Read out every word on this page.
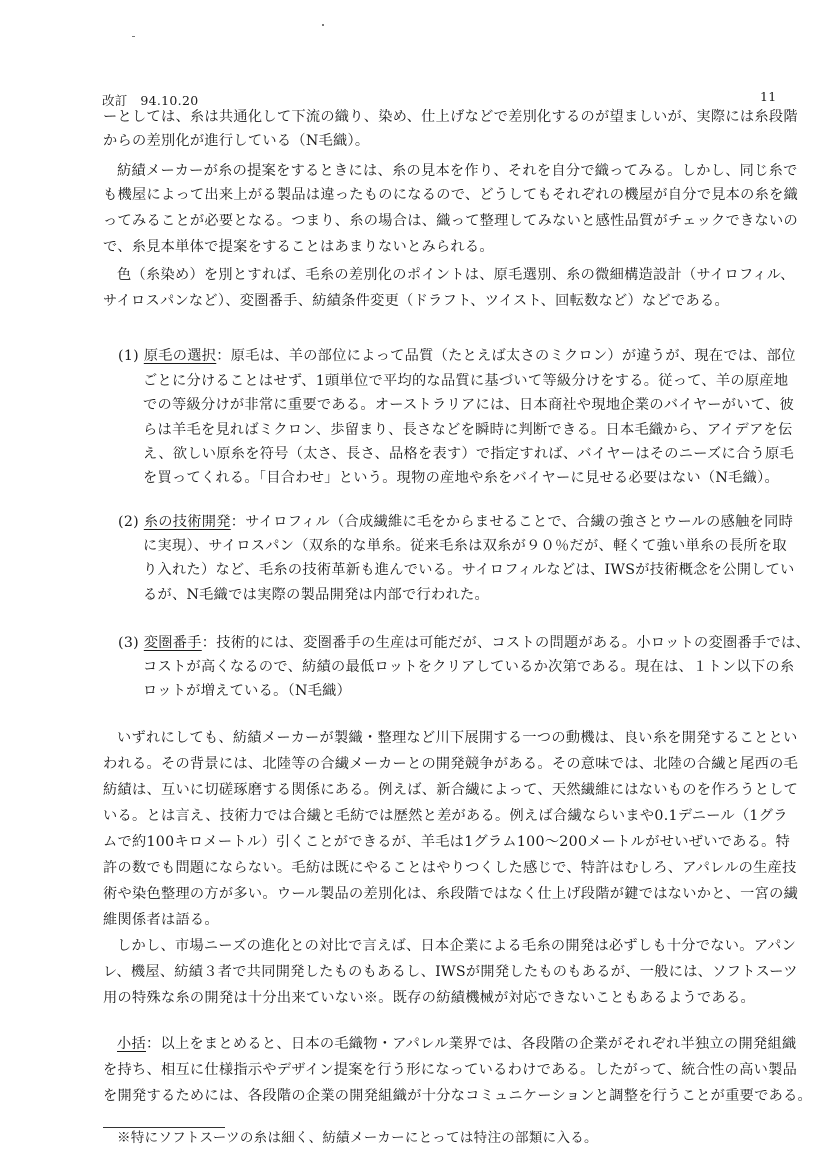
改訂　94.10.20	11
ーとしては、糸は共通化して下流の織り、染め、仕上げなどで差別化するのが望ましいが、実際には糸段階
からの差別化が進行している（N毛織）。
紡績メーカーが糸の提案をするときには、糸の見本を作り、それを自分で織ってみる。しかし、同じ糸で
も機屋によって出来上がる製品は違ったものになるので、どうしてもそれぞれの機屋が自分で見本の糸を織
ってみることが必要となる。つまり、糸の場合は、織って整理してみないと感性品質がチェックできないの
で、糸見本単体で提案をすることはあまりないとみられる。
色（糸染め）を別とすれば、毛糸の差別化のポイントは、原毛選別、糸の微細構造設計（サイロフィル、
サイロスパンなど）、変圏番手、紡績条件変更（ドラフト、ツイスト、回転数など）などである。
(1) 原毛の選択：原毛は、羊の部位によって品質（たとえば太さのミクロン）が違うが、現在では、部位
ごとに分けることはせず、1頭単位で平均的な品質に基づいて等級分けをする。従って、羊の原産地
での等級分けが非常に重要である。オーストラリアには、日本商社や現地企業のバイヤーがいて、彼
らは羊毛を見ればミクロン、歩留まり、長さなどを瞬時に判断できる。日本毛織から、アイデアを伝
え、欲しい原糸を符号（太さ、長さ、品格を表す）で指定すれば、バイヤーはそのニーズに合う原毛
を買ってくれる。「目合わせ」という。現物の産地や糸をバイヤーに見せる必要はない（N毛織）。
(2) 糸の技術開発：サイロフィル（合成繊維に毛をからませることで、合繊の強さとウールの感触を同時
に実現）、サイロスパン（双糸的な単糸。従来毛糸は双糸が９０％だが、軽くて強い単糸の長所を取
り入れた）など、毛糸の技術革新も進んでいる。サイロフィルなどは、IWSが技術概念を公開してい
るが、N毛織では実際の製品開発は内部で行われた。
(3) 変圏番手：技術的には、変圏番手の生産は可能だが、コストの問題がある。小ロットの変圏番手では、
コストが高くなるので、紡績の最低ロットをクリアしているか次第である。現在は、１トン以下の糸
ロットが増えている。（N毛織）
いずれにしても、紡績メーカーが製織・整理など川下展開する一つの動機は、良い糸を開発することとい
われる。その背景には、北陸等の合繊メーカーとの開発競争がある。その意味では、北陸の合繊と尾西の毛
紡績は、互いに切磋琢磨する関係にある。例えば、新合繊によって、天然繊維にはないものを作ろうとして
いる。とは言え、技術力では合繊と毛紡では歴然と差がある。例えば合繊ならいまや0.1デニール（1グラ
ムで約100キロメートル）引くことができるが、羊毛は1グラム100～200メートルがせいぜいである。特
許の数でも問題にならない。毛紡は既にやることはやりつくした感じで、特許はむしろ、アパレルの生産技
術や染色整理の方が多い。ウール製品の差別化は、糸段階ではなく仕上げ段階が鍵ではないかと、一宮の繊
維関係者は語る。
しかし、市場ニーズの進化との対比で言えば、日本企業による毛糸の開発は必ずしも十分でない。アパン
レ、機屋、紡績３者で共同開発したものもあるし、IWSが開発したものもあるが、一般には、ソフトスーツ
用の特殊な糸の開発は十分出来ていない※。既存の紡績機械が対応できないこともあるようである。
小括：以上をまとめると、日本の毛織物・アパレル業界では、各段階の企業がそれぞれ半独立の開発組織
を持ち、相互に仕様指示やデザイン提案を行う形になっているわけである。したがって、統合性の高い製品
を開発するためには、各段階の企業の開発組織が十分なコミュニケーションと調整を行うことが重要である。
※特にソフトスーツの糸は細く、紡績メーカーにとっては特注の部類に入る。
